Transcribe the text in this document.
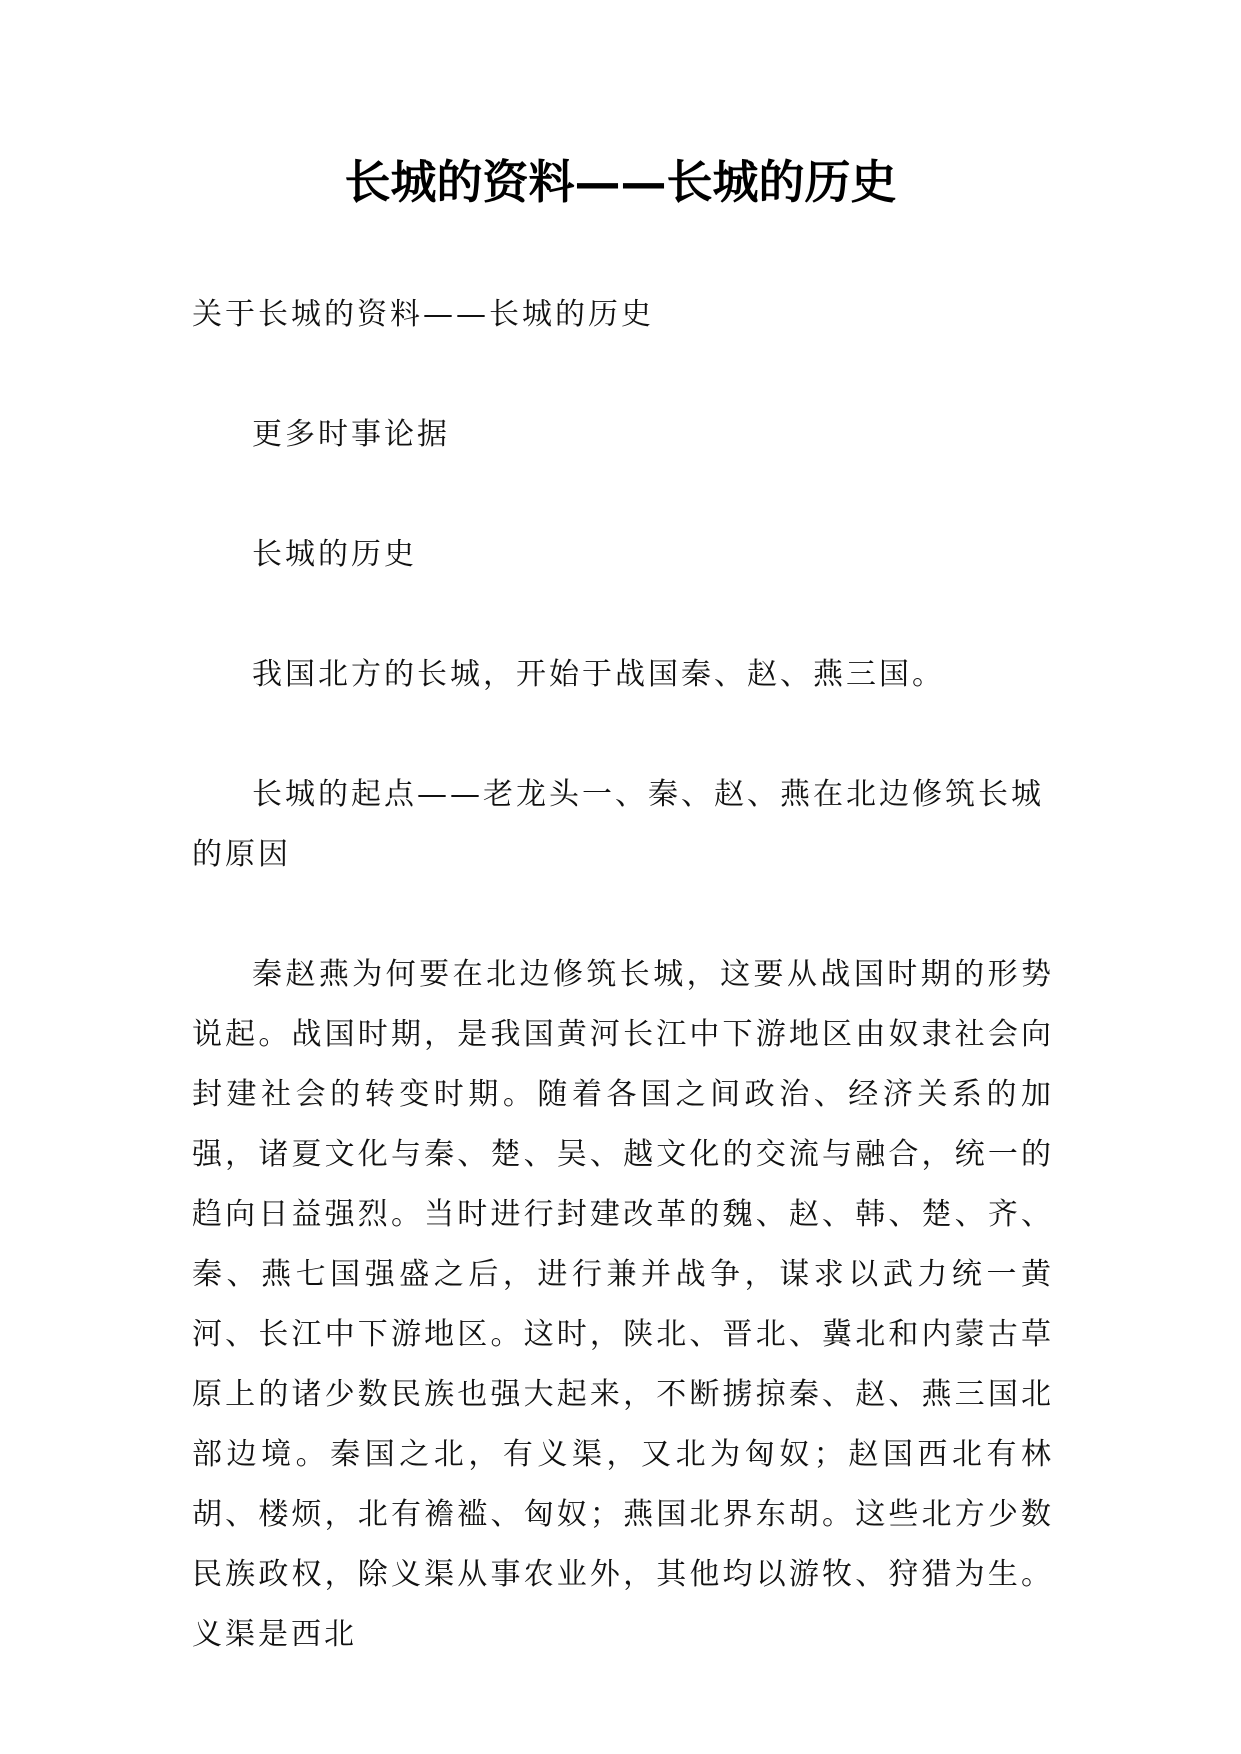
长城的资料——长城的历史

关于长城的资料——长城的历史

更多时事论据

长城的历史

我国北方的长城，开始于战国秦、赵、燕三国。

长城的起点——老龙头一、秦、赵、燕在北边修筑长城的原因

秦赵燕为何要在北边修筑长城，这要从战国时期的形势说起。战国时期，是我国黄河长江中下游地区由奴隶社会向封建社会的转变时期。随着各国之间政治、经济关系的加强，诸夏文化与秦、楚、吴、越文化的交流与融合，统一的趋向日益强烈。当时进行封建改革的魏、赵、韩、楚、齐、秦、燕七国强盛之后，进行兼并战争，谋求以武力统一黄河、长江中下游地区。这时，陕北、晋北、冀北和内蒙古草原上的诸少数民族也强大起来，不断掳掠秦、赵、燕三国北部边境。秦国之北，有义渠，又北为匈奴；赵国西北有林胡、楼烦，北有襜褴、匈奴；燕国北界东胡。这些北方少数民族政权，除义渠从事农业外，其他均以游牧、狩猎为生。义渠是西北
